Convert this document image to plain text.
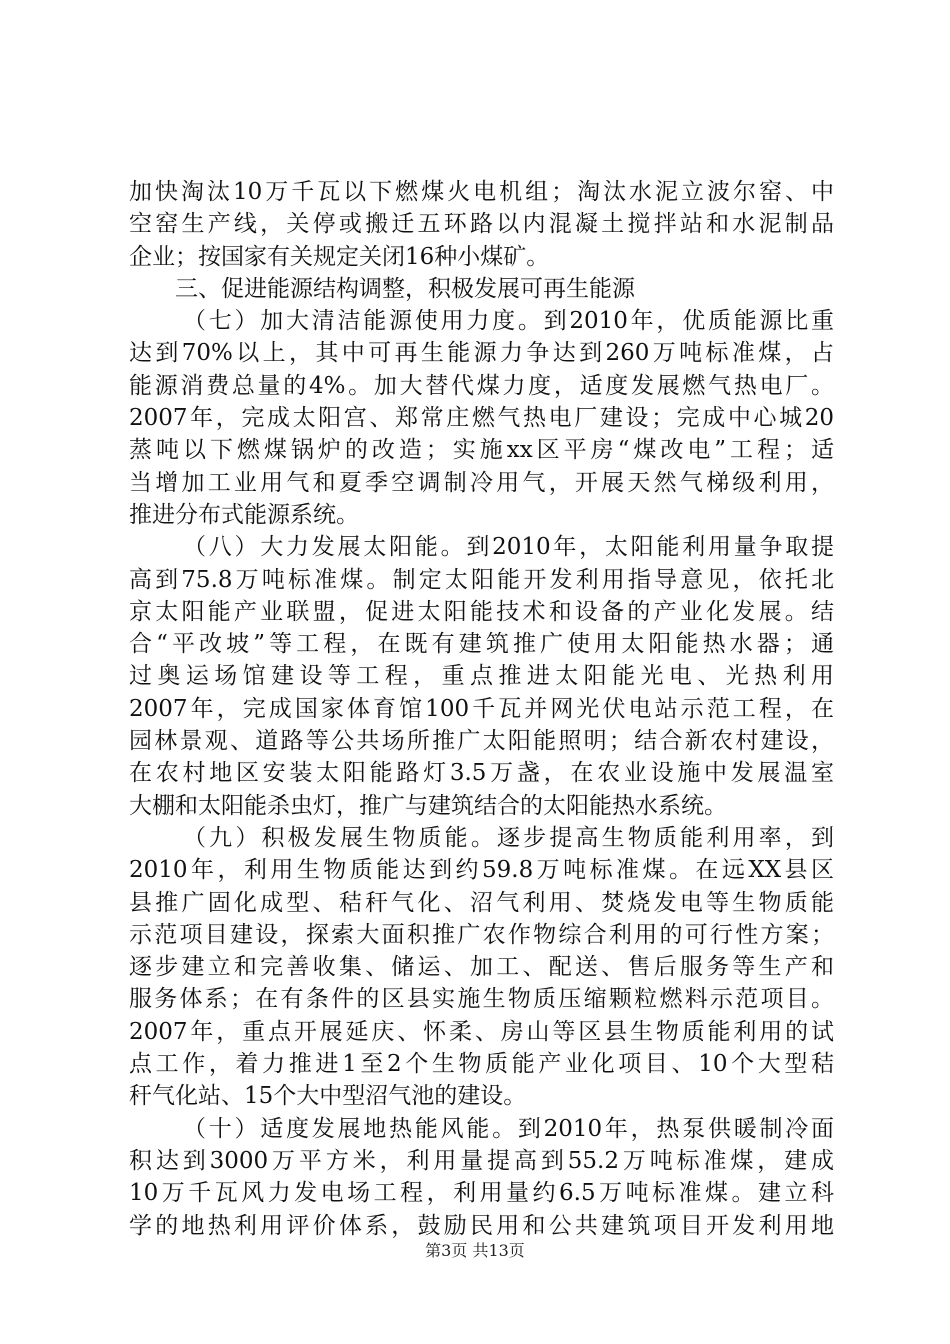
加快淘汰10万千瓦以下燃煤火电机组；淘汰水泥立波尔窑、中
空窑生产线，关停或搬迁五环路以内混凝土搅拌站和水泥制品
企业；按国家有关规定关闭16种小煤矿。
三、促进能源结构调整，积极发展可再生能源
（七）加大清洁能源使用力度。到2010年，优质能源比重
达到70%以上，其中可再生能源力争达到260万吨标准煤，占
能源消费总量的4%。加大替代煤力度，适度发展燃气热电厂。
2007年，完成太阳宫、郑常庄燃气热电厂建设；完成中心城20
蒸吨以下燃煤锅炉的改造；实施xx区平房“煤改电”工程；适
当增加工业用气和夏季空调制冷用气，开展天然气梯级利用，
推进分布式能源系统。
（八）大力发展太阳能。到2010年，太阳能利用量争取提
高到75.8万吨标准煤。制定太阳能开发利用指导意见，依托北
京太阳能产业联盟，促进太阳能技术和设备的产业化发展。结
合“平改坡”等工程，在既有建筑推广使用太阳能热水器；通
过奥运场馆建设等工程，重点推进太阳能光电、光热利用
2007年，完成国家体育馆100千瓦并网光伏电站示范工程，在
园林景观、道路等公共场所推广太阳能照明；结合新农村建设，
在农村地区安装太阳能路灯3.5万盏，在农业设施中发展温室
大棚和太阳能杀虫灯，推广与建筑结合的太阳能热水系统。
（九）积极发展生物质能。逐步提高生物质能利用率，到
2010年，利用生物质能达到约59.8万吨标准煤。在远XX县区
县推广固化成型、秸秆气化、沼气利用、焚烧发电等生物质能
示范项目建设，探索大面积推广农作物综合利用的可行性方案；
逐步建立和完善收集、储运、加工、配送、售后服务等生产和
服务体系；在有条件的区县实施生物质压缩颗粒燃料示范项目。
2007年，重点开展延庆、怀柔、房山等区县生物质能利用的试
点工作，着力推进1至2个生物质能产业化项目、10个大型秸
秆气化站、15个大中型沼气池的建设。
（十）适度发展地热能风能。到2010年，热泵供暖制冷面
积达到3000万平方米，利用量提高到55.2万吨标准煤，建成
10万千瓦风力发电场工程，利用量约6.5万吨标准煤。建立科
学的地热利用评价体系，鼓励民用和公共建筑项目开发利用地
第3页 共13页
